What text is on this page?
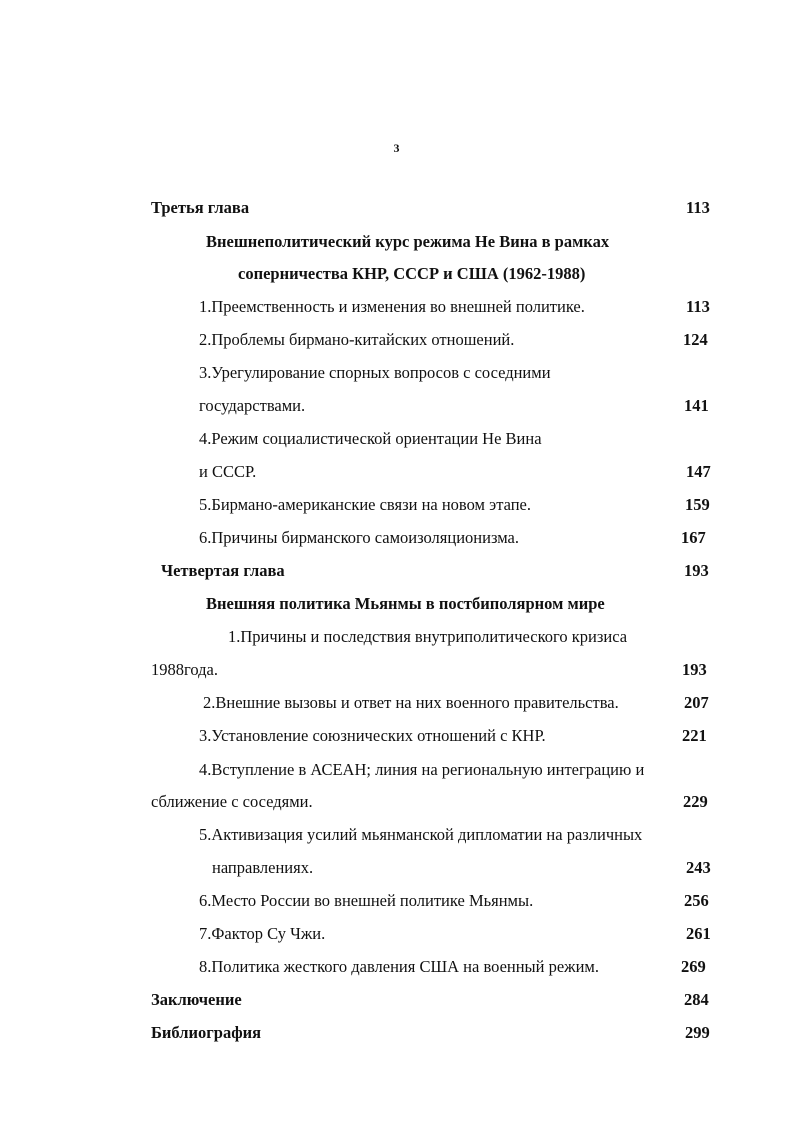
3
Третья глава	113
Внешнеполитический курс режима Не Вина в рамках
соперничества КНР, СССР и США (1962-1988)
1.Преемственность и изменения во внешней политике.	113
2.Проблемы бирмано-китайских отношений.	124
3.Урегулирование спорных вопросов с соседними
государствами.	141
4.Режим социалистической ориентации Не Вина
и СССР.	147
5.Бирмано-американские связи на новом этапе.	159
6.Причины бирманского самоизоляционизма.	167
Четвертая глава	193
Внешняя политика Мьянмы в постбиполярном мире
1.Причины и последствия внутриполитического кризиса
1988года.	193
2.Внешние вызовы и ответ на них военного правительства.	207
3.Установление союзнических отношений с КНР.	221
4.Вступление в АСЕАН; линия на региональную интеграцию и
сближение с соседями.	229
5.Активизация усилий мьянманской дипломатии на различных
направлениях.	243
6.Место России во внешней политике Мьянмы.	256
7.Фактор Су Чжи.	261
8.Политика жесткого давления США на военный режим.	269
Заключение	284
Библиография	299
